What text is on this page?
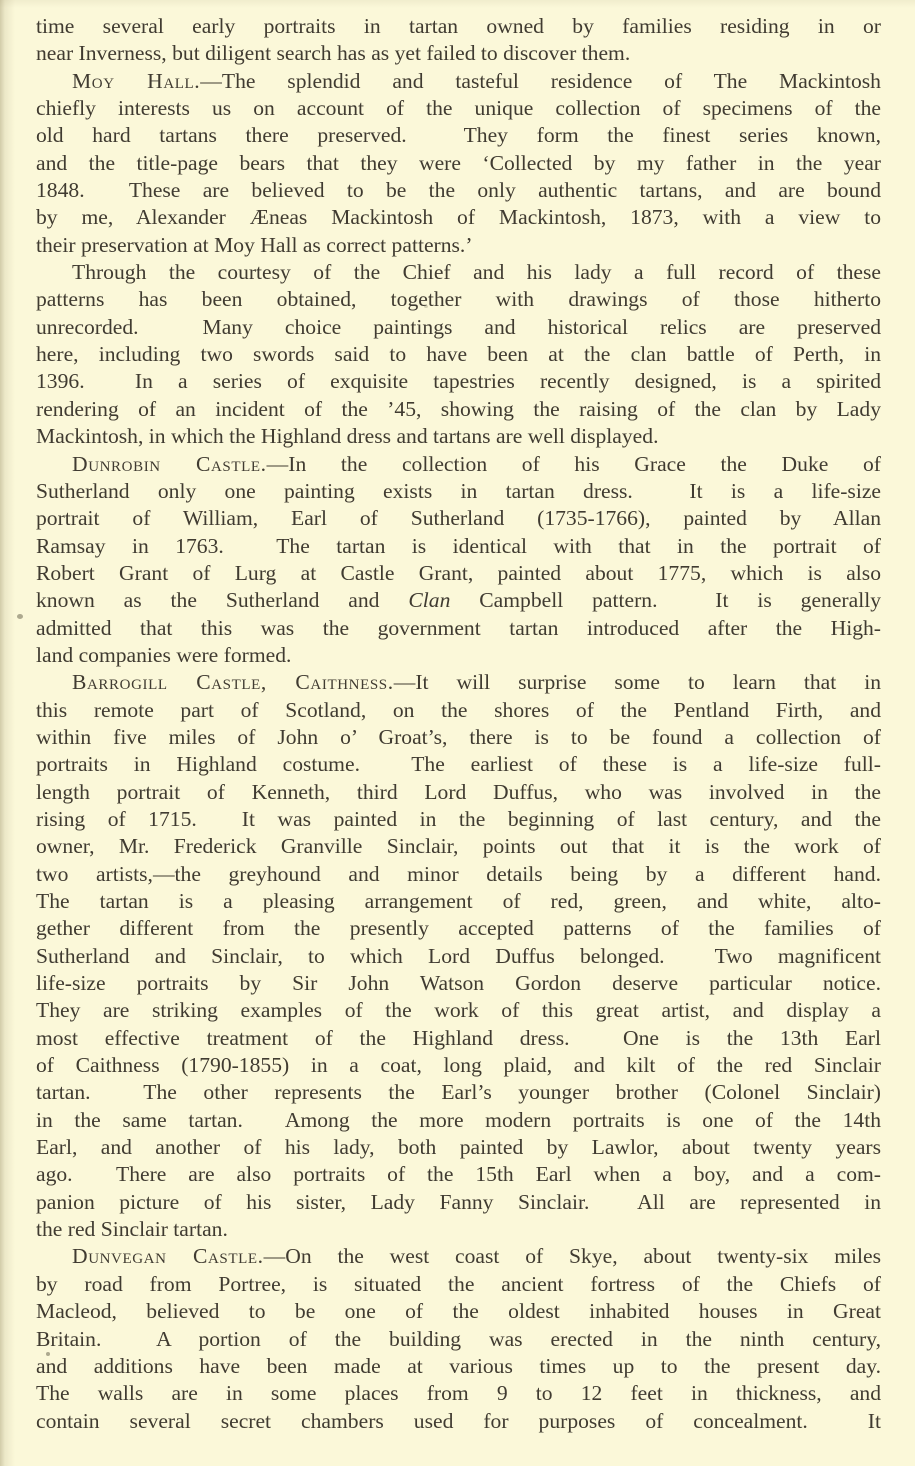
time several early portraits in tartan owned by families residing in or
near Inverness, but diligent search has as yet failed to discover them.
Moy Hall.—The splendid and tasteful residence of The Mackintosh
chiefly interests us on account of the unique collection of specimens of the
old hard tartans there preserved.  They form the finest series known,
and the title-page bears that they were ‘Collected by my father in the year
1848.  These are believed to be the only authentic tartans, and are bound
by me, Alexander Æneas Mackintosh of Mackintosh, 1873, with a view to
their preservation at Moy Hall as correct patterns.’
Through the courtesy of the Chief and his lady a full record of these
patterns has been obtained, together with drawings of those hitherto
unrecorded.  Many choice paintings and historical relics are preserved
here, including two swords said to have been at the clan battle of Perth, in
1396.  In a series of exquisite tapestries recently designed, is a spirited
rendering of an incident of the ’45, showing the raising of the clan by Lady
Mackintosh, in which the Highland dress and tartans are well displayed.
Dunrobin Castle.—In the collection of his Grace the Duke of
Sutherland only one painting exists in tartan dress.  It is a life-size
portrait of William, Earl of Sutherland (1735-1766), painted by Allan
Ramsay in 1763.  The tartan is identical with that in the portrait of
Robert Grant of Lurg at Castle Grant, painted about 1775, which is also
known as the Sutherland and Clan Campbell pattern.  It is generally
admitted that this was the government tartan introduced after the High-
land companies were formed.
Barrogill Castle, Caithness.—It will surprise some to learn that in
this remote part of Scotland, on the shores of the Pentland Firth, and
within five miles of John o’ Groat’s, there is to be found a collection of
portraits in Highland costume.  The earliest of these is a life-size full-
length portrait of Kenneth, third Lord Duffus, who was involved in the
rising of 1715.  It was painted in the beginning of last century, and the
owner, Mr. Frederick Granville Sinclair, points out that it is the work of
two artists,—the greyhound and minor details being by a different hand.
The tartan is a pleasing arrangement of red, green, and white, alto-
gether different from the presently accepted patterns of the families of
Sutherland and Sinclair, to which Lord Duffus belonged.  Two magnificent
life-size portraits by Sir John Watson Gordon deserve particular notice.
They are striking examples of the work of this great artist, and display a
most effective treatment of the Highland dress.  One is the 13th Earl
of Caithness (1790-1855) in a coat, long plaid, and kilt of the red Sinclair
tartan.  The other represents the Earl’s younger brother (Colonel Sinclair)
in the same tartan.  Among the more modern portraits is one of the 14th
Earl, and another of his lady, both painted by Lawlor, about twenty years
ago.  There are also portraits of the 15th Earl when a boy, and a com-
panion picture of his sister, Lady Fanny Sinclair.  All are represented in
the red Sinclair tartan.
Dunvegan Castle.—On the west coast of Skye, about twenty-six miles
by road from Portree, is situated the ancient fortress of the Chiefs of
Macleod, believed to be one of the oldest inhabited houses in Great
Britain.  A portion of the building was erected in the ninth century,
and additions have been made at various times up to the present day.
The walls are in some places from 9 to 12 feet in thickness, and
contain several secret chambers used for purposes of concealment.  It
